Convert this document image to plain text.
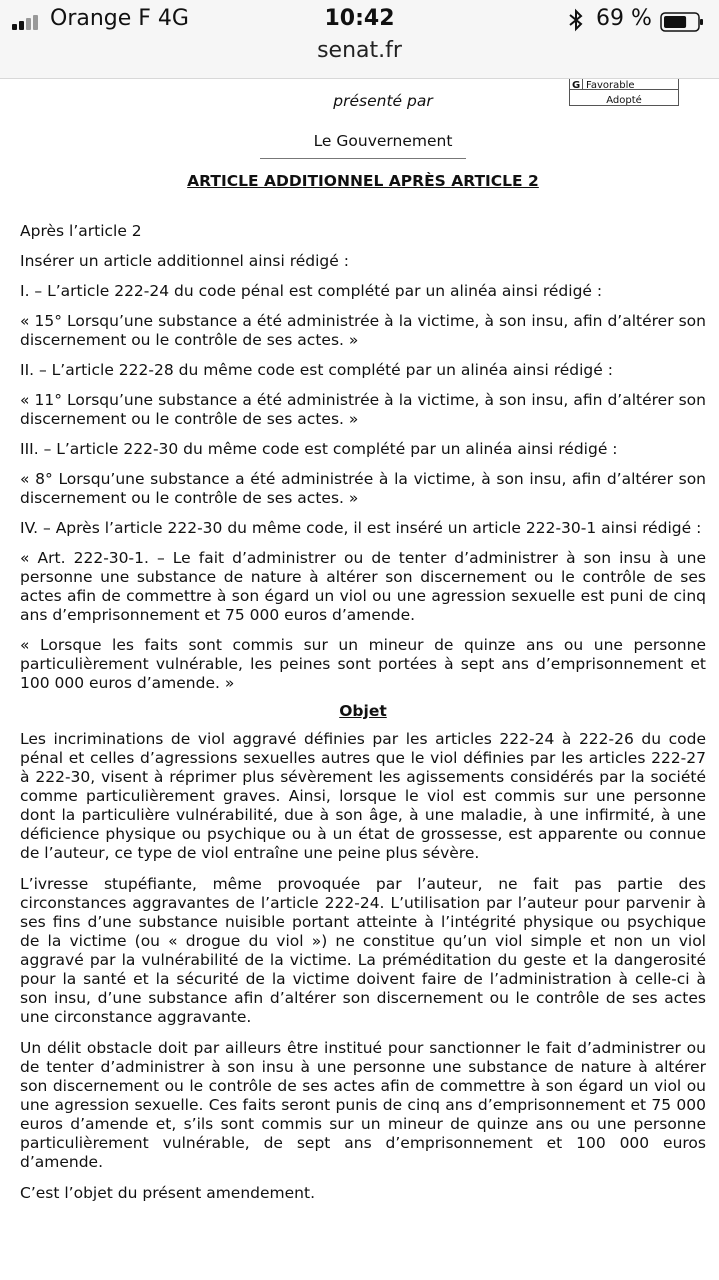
Orange F 4G	10:42	69 %
senat.fr
G Favorable
Adopté
présenté par
Le Gouvernement
ARTICLE ADDITIONNEL APRÈS ARTICLE 2

Après l’article 2

Insérer un article additionnel ainsi rédigé :

I. – L’article 222-24 du code pénal est complété par un alinéa ainsi rédigé :

« 15° Lorsqu’une substance a été administrée à la victime, à son insu, afin d’altérer son discernement ou le contrôle de ses actes. »

II. – L’article 222-28 du même code est complété par un alinéa ainsi rédigé :

« 11° Lorsqu’une substance a été administrée à la victime, à son insu, afin d’altérer son discernement ou le contrôle de ses actes. »

III. – L’article 222-30 du même code est complété par un alinéa ainsi rédigé :

« 8° Lorsqu’une substance a été administrée à la victime, à son insu, afin d’altérer son discernement ou le contrôle de ses actes. »

IV. – Après l’article 222-30 du même code, il est inséré un article 222-30-1 ainsi rédigé :

« Art. 222-30-1. – Le fait d’administrer ou de tenter d’administrer à son insu à une personne une substance de nature à altérer son discernement ou le contrôle de ses actes afin de commettre à son égard un viol ou une agression sexuelle est puni de cinq ans d’emprisonnement et 75 000 euros d’amende.

« Lorsque les faits sont commis sur un mineur de quinze ans ou une personne particulièrement vulnérable, les peines sont portées à sept ans d’emprisonnement et 100 000 euros d’amende. »

Objet

Les incriminations de viol aggravé définies par les articles 222-24 à 222-26 du code pénal et celles d’agressions sexuelles autres que le viol définies par les articles 222-27 à 222-30, visent à réprimer plus sévèrement les agissements considérés par la société comme particulièrement graves. Ainsi, lorsque le viol est commis sur une personne dont la particulière vulnérabilité, due à son âge, à une maladie, à une infirmité, à une déficience physique ou psychique ou à un état de grossesse, est apparente ou connue de l’auteur, ce type de viol entraîne une peine plus sévère.

L’ivresse stupéfiante, même provoquée par l’auteur, ne fait pas partie des circonstances aggravantes de l’article 222-24. L’utilisation par l’auteur pour parvenir à ses fins d’une substance nuisible portant atteinte à l’intégrité physique ou psychique de la victime (ou « drogue du viol ») ne constitue qu’un viol simple et non un viol aggravé par la vulnérabilité de la victime. La préméditation du geste et la dangerosité pour la santé et la sécurité de la victime doivent faire de l’administration à celle-ci à son insu, d’une substance afin d’altérer son discernement ou le contrôle de ses actes une circonstance aggravante.

Un délit obstacle doit par ailleurs être institué pour sanctionner le fait d’administrer ou de tenter d’administrer à son insu à une personne une substance de nature à altérer son discernement ou le contrôle de ses actes afin de commettre à son égard un viol ou une agression sexuelle. Ces faits seront punis de cinq ans d’emprisonnement et 75 000 euros d’amende et, s’ils sont commis sur un mineur de quinze ans ou une personne particulièrement vulnérable, de sept ans d’emprisonnement et 100 000 euros d’amende.

C’est l’objet du présent amendement.
